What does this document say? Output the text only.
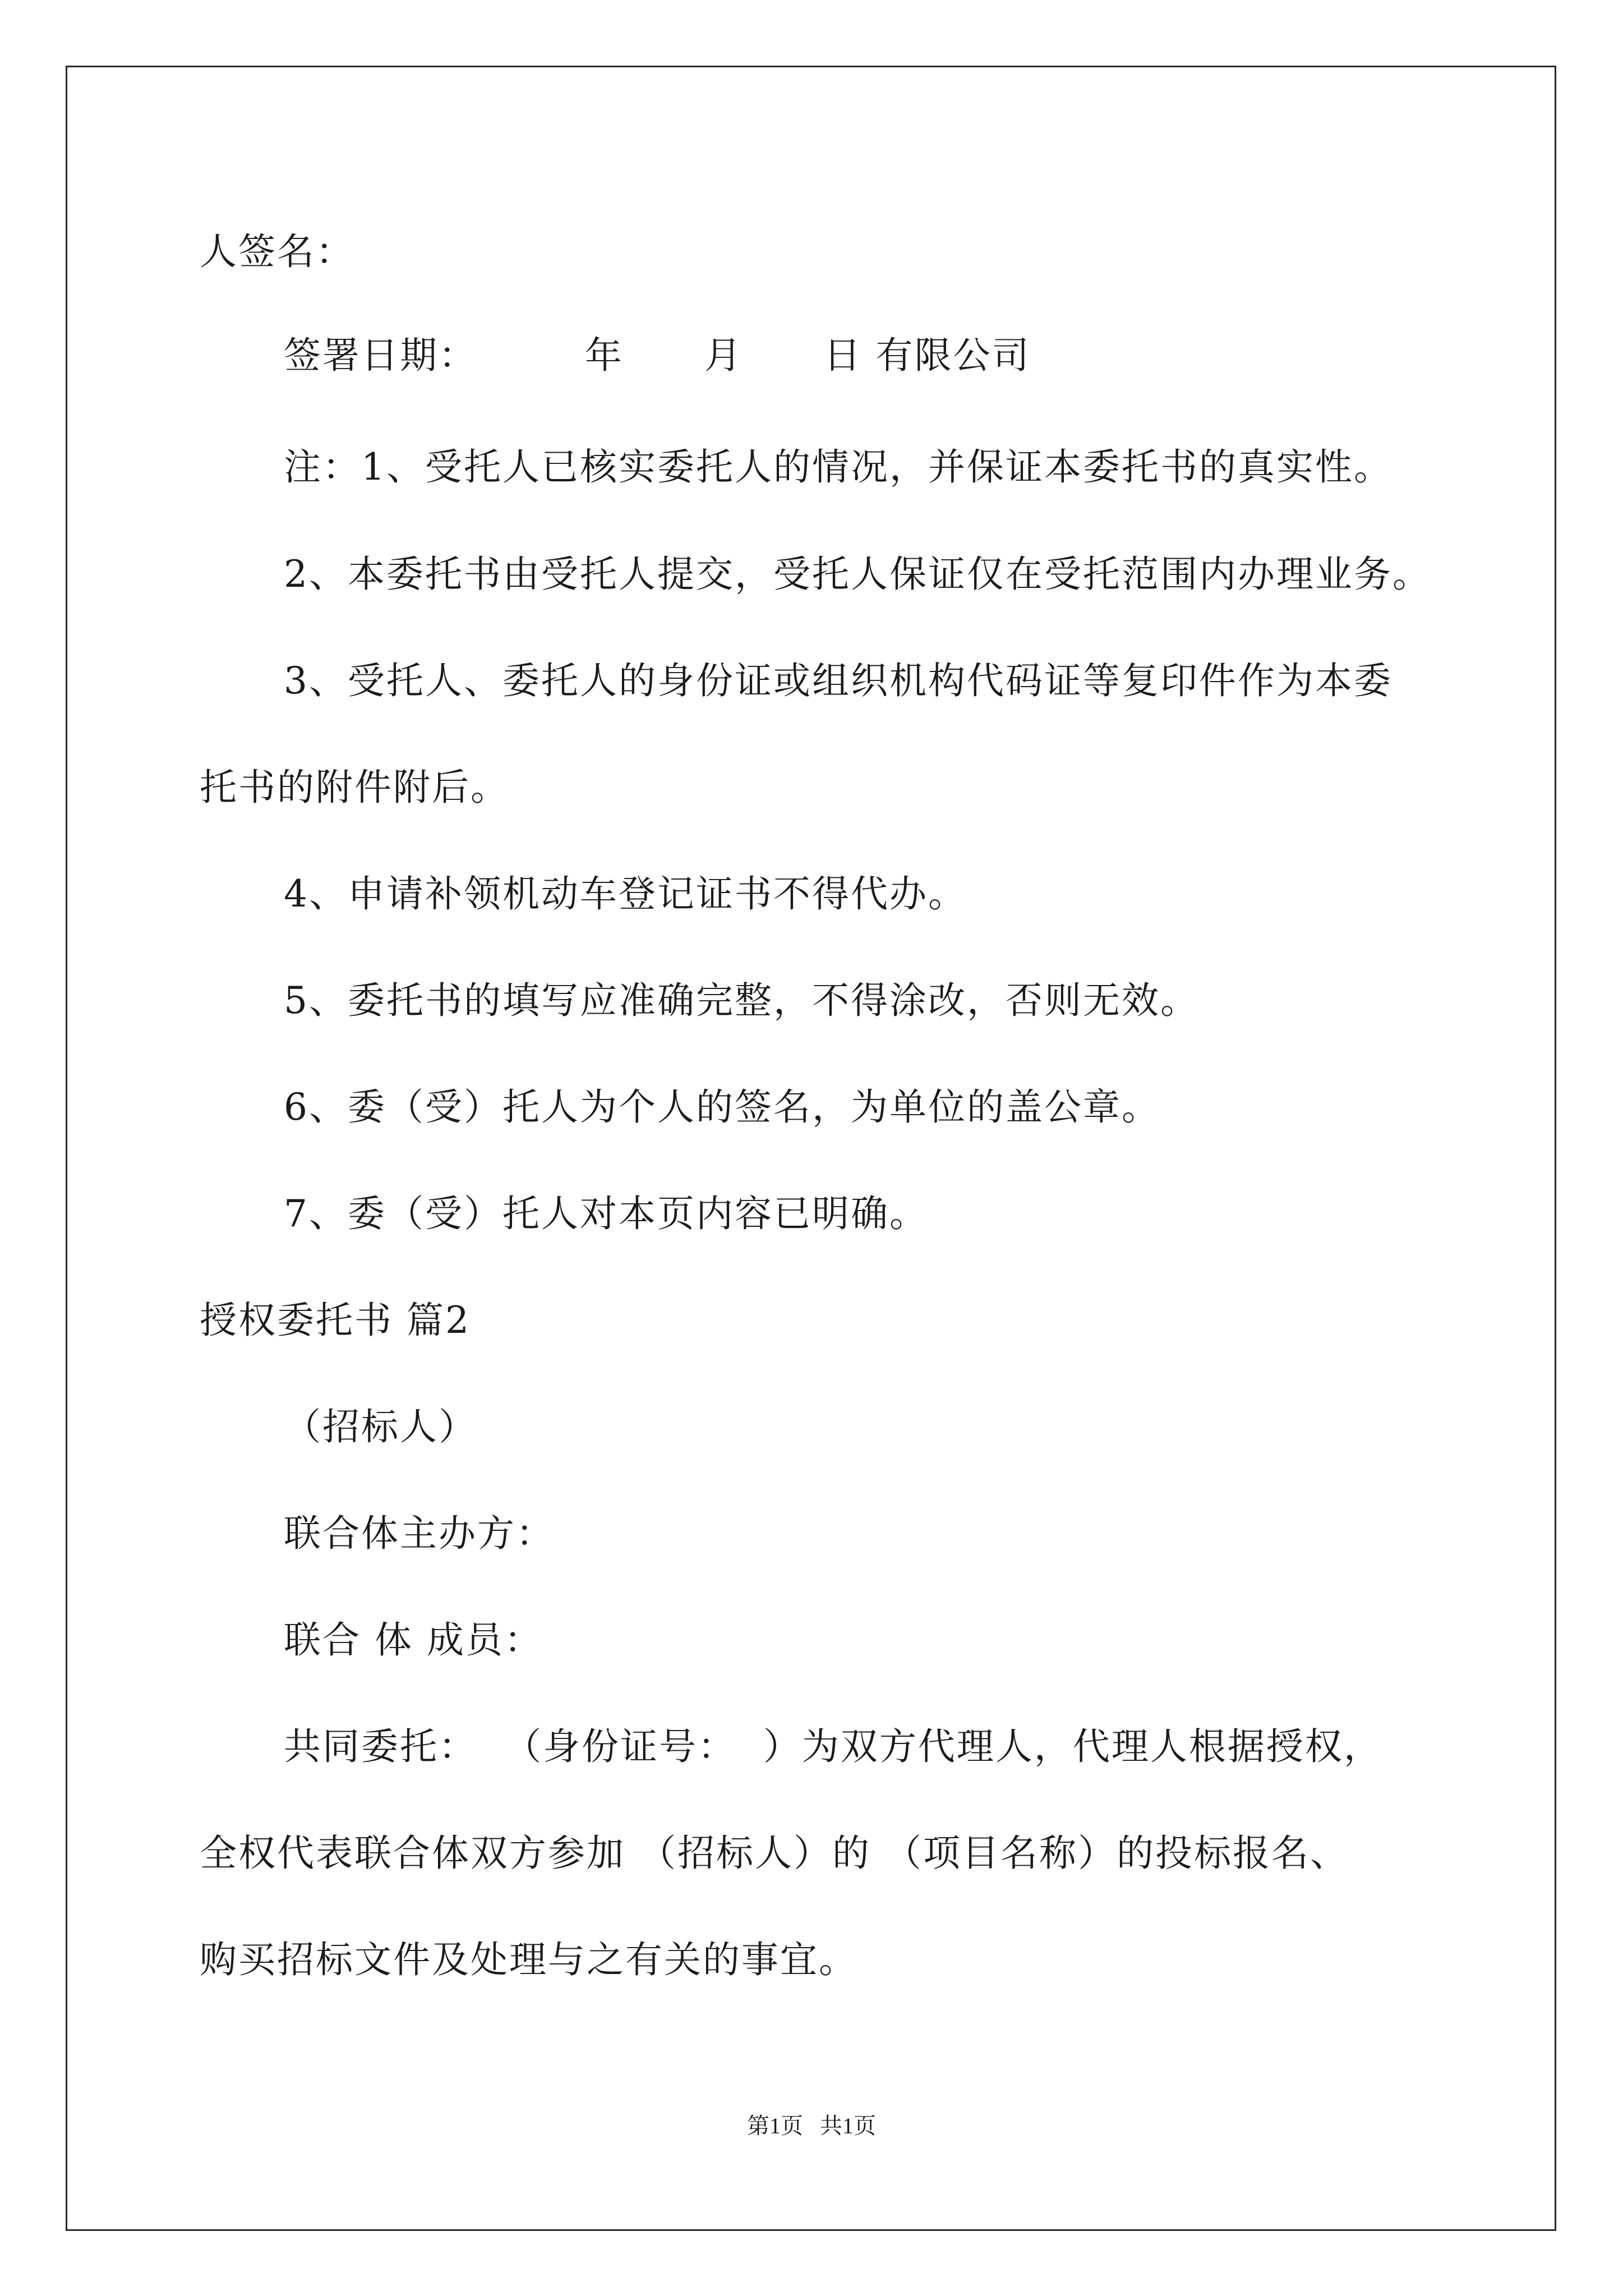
人签名：

签署日期：        年      月      日 有限公司

注：1、受托人已核实委托人的情况，并保证本委托书的真实性。

2、本委托书由受托人提交，受托人保证仅在受托范围内办理业务。

3、受托人、委托人的身份证或组织机构代码证等复印件作为本委

托书的附件附后。

4、申请补领机动车登记证书不得代办。

5、委托书的填写应准确完整，不得涂改，否则无效。

6、委（受）托人为个人的签名，为单位的盖公章。

7、委（受）托人对本页内容已明确。

授权委托书 篇2

（招标人）

联合体主办方：

联合 体 成员：

共同委托：  （身份证号：  ）为双方代理人，代理人根据授权，

全权代表联合体双方参加 （招标人）的 （项目名称）的投标报名、

购买招标文件及处理与之有关的事宜。

第1页   共1页
